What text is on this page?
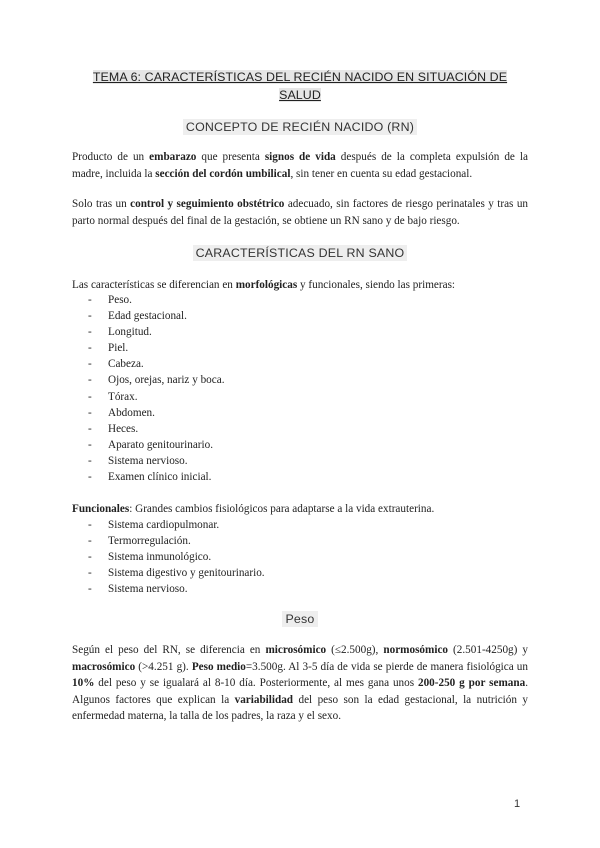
TEMA 6: CARACTERÍSTICAS DEL RECIÉN NACIDO EN SITUACIÓN DE SALUD
CONCEPTO DE RECIÉN NACIDO (RN)

Producto de un embarazo que presenta signos de vida después de la completa expulsión de la madre, incluida la sección del cordón umbilical, sin tener en cuenta su edad gestacional.

Solo tras un control y seguimiento obstétrico adecuado, sin factores de riesgo perinatales y tras un parto normal después del final de la gestación, se obtiene un RN sano y de bajo riesgo.

CARACTERÍSTICAS DEL RN SANO

Las características se diferencian en morfológicas y funcionales, siendo las primeras:

- Peso.
- Edad gestacional.
- Longitud.
- Piel.
- Cabeza.
- Ojos, orejas, nariz y boca.
- Tórax.
- Abdomen.
- Heces.
- Aparato genitourinario.
- Sistema nervioso.
- Examen clínico inicial.

Funcionales: Grandes cambios fisiológicos para adaptarse a la vida extrauterina.

- Sistema cardiopulmonar.
- Termorregulación.
- Sistema inmunológico.
- Sistema digestivo y genitourinario.
- Sistema nervioso.
Peso

Según el peso del RN, se diferencia en microsómico (≤2.500g), normosómico (2.501-4250g) y macrosómico (>4.251 g). Peso medio=3.500g. Al 3-5 día de vida se pierde de manera fisiológica un 10% del peso y se igualará al 8-10 día. Posteriormente, al mes gana unos 200-250 g por semana. Algunos factores que explican la variabilidad del peso son la edad gestacional, la nutrición y enfermedad materna, la talla de los padres, la raza y el sexo.

1
